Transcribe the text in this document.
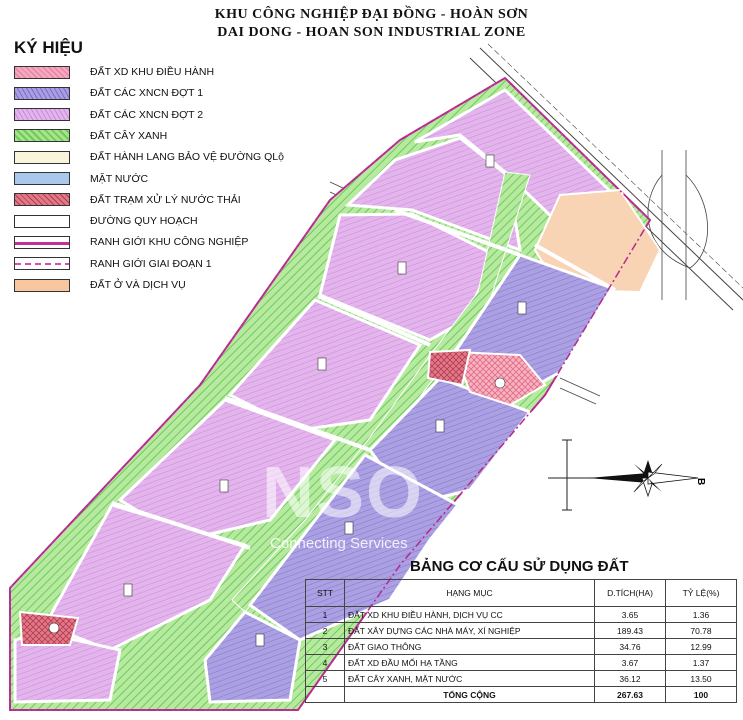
B
KHU CÔNG NGHIỆP ĐẠI ĐỒNG - HOÀN SƠN
DAI DONG - HOAN SON INDUSTRIAL ZONE
KÝ HIỆU
ĐẤT XD KHU ĐIỀU HÀNH
ĐẤT CÁC XNCN ĐỢT 1
ĐẤT CÁC XNCN ĐỢT 2
ĐẤT CÂY XANH
ĐẤT HÀNH LANG BẢO VỆ ĐƯỜNG QLộ
MẶT NƯỚC
ĐẤT TRẠM XỬ LÝ NƯỚC THẢI
ĐƯỜNG QUY HOẠCH
RANH GIỚI KHU CÔNG NGHIỆP
RANH GIỚI GIAI ĐOẠN 1
ĐẤT Ở VÀ DỊCH VỤ
NSO
Connecting Services
BẢNG CƠ CẤU SỬ DỤNG ĐẤT
STT	HẠNG MỤC	D.TÍCH(HA)	TỶ LỆ(%)
1	ĐẤT XD KHU ĐIỀU HÀNH, DỊCH VỤ CC	3.65	1.36
2	ĐẤT XÂY DỰNG CÁC NHÀ MÁY, XÍ NGHIỆP	189.43	70.78
3	ĐẤT GIAO THÔNG	34.76	12.99
4	ĐẤT XD ĐẦU MỐI HẠ TẦNG	3.67	1.37
5	ĐẤT CÂY XANH, MẶT NƯỚC	36.12	13.50
	TỔNG CỘNG	267.63	100
